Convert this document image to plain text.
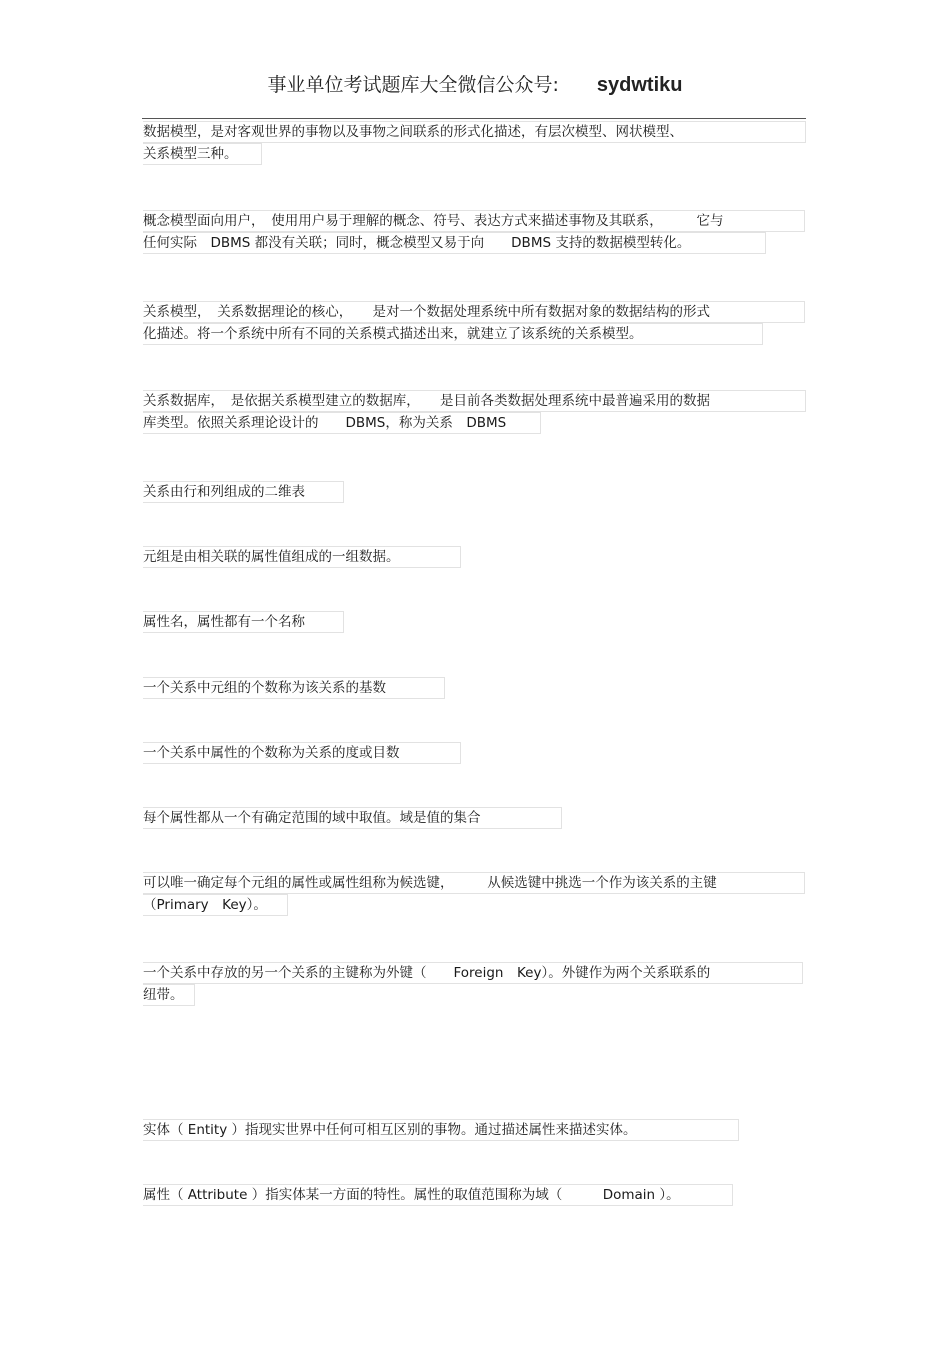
事业单位考试题库大全微信公众号: sydwtiku
数据模型，是对客观世界的事物以及事物之间联系的形式化描述，有层次模型、网状模型、
关系模型三种。
概念模型面向用户，　使用用户易于理解的概念、符号、表达方式来描述事物及其联系，　　　它与
任何实际　DBMS 都没有关联；同时，概念模型又易于向　　DBMS 支持的数据模型转化。
关系模型，　关系数据理论的核心，　　是对一个数据处理系统中所有数据对象的数据结构的形式
化描述。将一个系统中所有不同的关系模式描述出来，就建立了该系统的关系模型。
关系数据库，　是依据关系模型建立的数据库，　　是目前各类数据处理系统中最普遍采用的数据
库类型。依照关系理论设计的　　DBMS，称为关系　DBMS
关系由行和列组成的二维表
元组是由相关联的属性值组成的一组数据。
属性名，属性都有一个名称
一个关系中元组的个数称为该关系的基数
一个关系中属性的个数称为关系的度或目数
每个属性都从一个有确定范围的域中取值。域是值的集合
可以唯一确定每个元组的属性或属性组称为候选键，　　　从候选键中挑选一个作为该关系的主键
（Primary　Key）。
一个关系中存放的另一个关系的主键称为外键（　　Foreign　Key）。外键作为两个关系联系的
纽带。
实体（ Entity ）指现实世界中任何可相互区别的事物。通过描述属性来描述实体。
属性（ Attribute ）指实体某一方面的特性。属性的取值范围称为域（　　　Domain ）。
